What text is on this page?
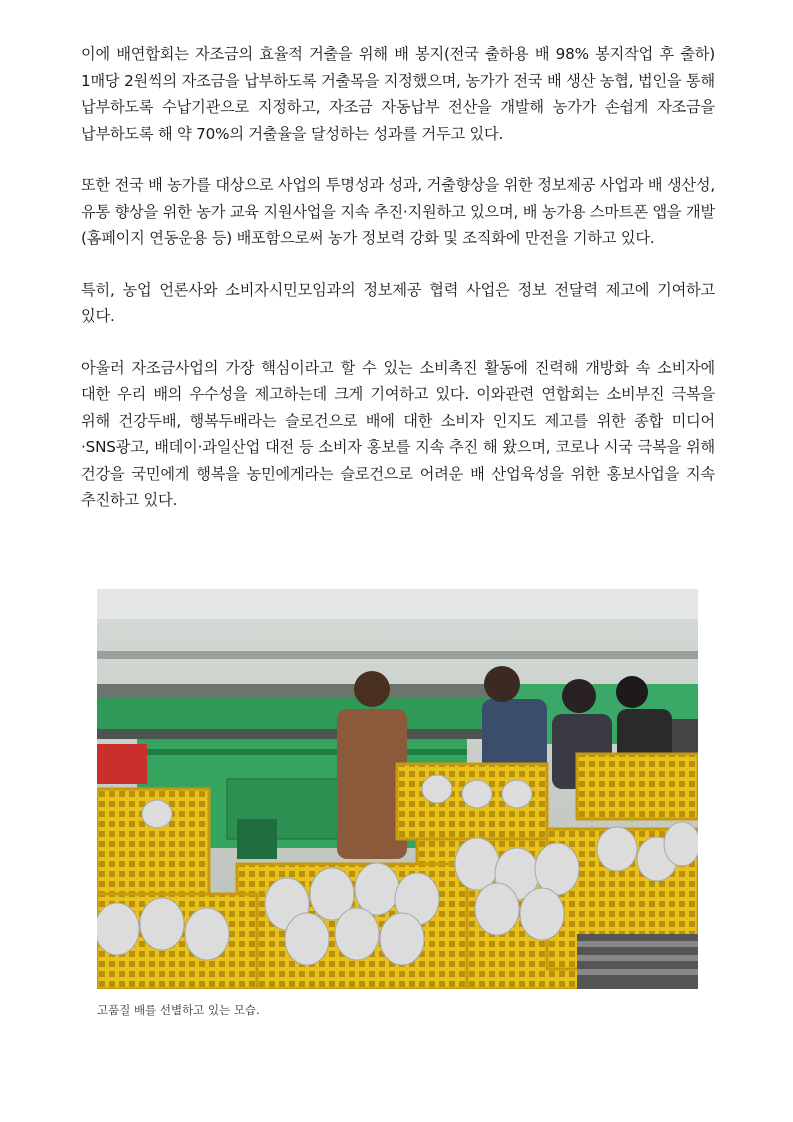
이에 배연합회는 자조금의 효율적 거출을 위해 배 봉지(전국 출하용 배 98% 봉지작업 후 출하) 1매당 2원씩의 자조금을 납부하도록 거출목을 지정했으며, 농가가 전국 배 생산 농협, 법인을 통해 납부하도록 수납기관으로 지정하고, 자조금 자동납부 전산을 개발해 농가가 손쉽게 자조금을 납부하도록 해 약 70%의 거출율을 달성하는 성과를 거두고 있다.

또한 전국 배 농가를 대상으로 사업의 투명성과 성과, 거출향상을 위한 정보제공 사업과 배 생산성, 유통 향상을 위한 농가 교육 지원사업을 지속 추진·지원하고 있으며, 배 농가용 스마트폰 앱을 개발(홈페이지 연동운용 등) 배포함으로써 농가 정보력 강화 및 조직화에 만전을 기하고 있다.

특히, 농업 언론사와 소비자시민모임과의 정보제공 협력 사업은 정보 전달력 제고에 기여하고 있다.

아울러 자조금사업의 가장 핵심이라고 할 수 있는 소비촉진 활동에 진력해 개방화 속 소비자에 대한 우리 배의 우수성을 제고하는데 크게 기여하고 있다. 이와관련 연합회는 소비부진 극복을 위해 건강두배, 행복두배라는 슬로건으로 배에 대한 소비자 인지도 제고를 위한 종합 미디어·SNS광고, 배데이·과일산업 대전 등 소비자 홍보를 지속 추진 해 왔으며, 코로나 시국 극복을 위해 건강을 국민에게 행복을 농민에게라는 슬로건으로 어려운 배 산업육성을 위한 홍보사업을 지속 추진하고 있다.

고품질 배를 선별하고 있는 모습.
